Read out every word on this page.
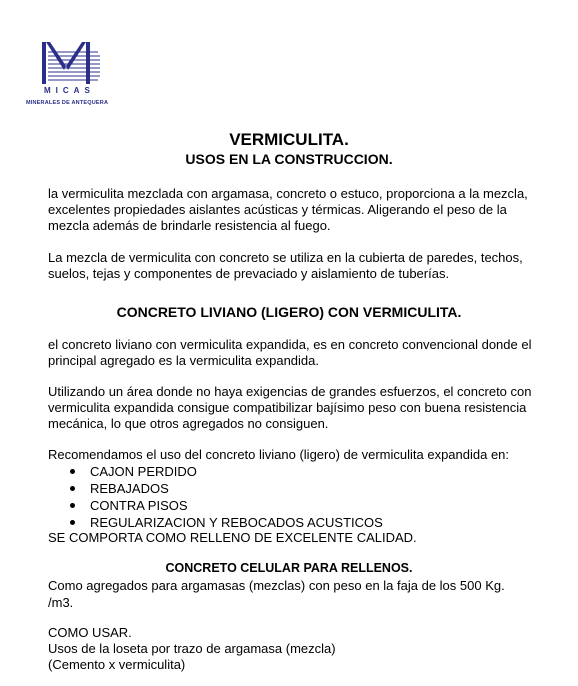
MICAS
MINERALES DE ANTEQUERA
VERMICULITA.
USOS EN LA CONSTRUCCION.
la vermiculita mezclada con argamasa, concreto o estuco, proporciona a la mezcla, excelentes propiedades aislantes acústicas y térmicas. Aligerando el peso de la mezcla además de brindarle resistencia al fuego.
La mezcla de vermiculita con concreto se utiliza en la cubierta de paredes, techos, suelos, tejas y componentes de prevaciado y aislamiento de tuberías.
CONCRETO LIVIANO (LIGERO) CON VERMICULITA.
el concreto liviano con vermiculita expandida, es en concreto convencional donde el principal agregado es la vermiculita expandida.
Utilizando un área donde no haya exigencias de grandes esfuerzos, el concreto con vermiculita expandida consigue compatibilizar bajísimo peso con buena resistencia mecánica, lo que otros agregados no consiguen.
Recomendamos el uso del concreto liviano (ligero) de vermiculita expandida en:
CAJON PERDIDO
REBAJADOS
CONTRA PISOS
REGULARIZACION Y REBOCADOS ACUSTICOS
SE COMPORTA COMO RELLENO DE EXCELENTE CALIDAD.
CONCRETO CELULAR PARA RELLENOS.
Como agregados para argamasas (mezclas) con peso en la faja de los 500 Kg.
/m3.
COMO USAR.
Usos de la loseta por trazo de argamasa (mezcla)
(Cemento x vermiculita)
